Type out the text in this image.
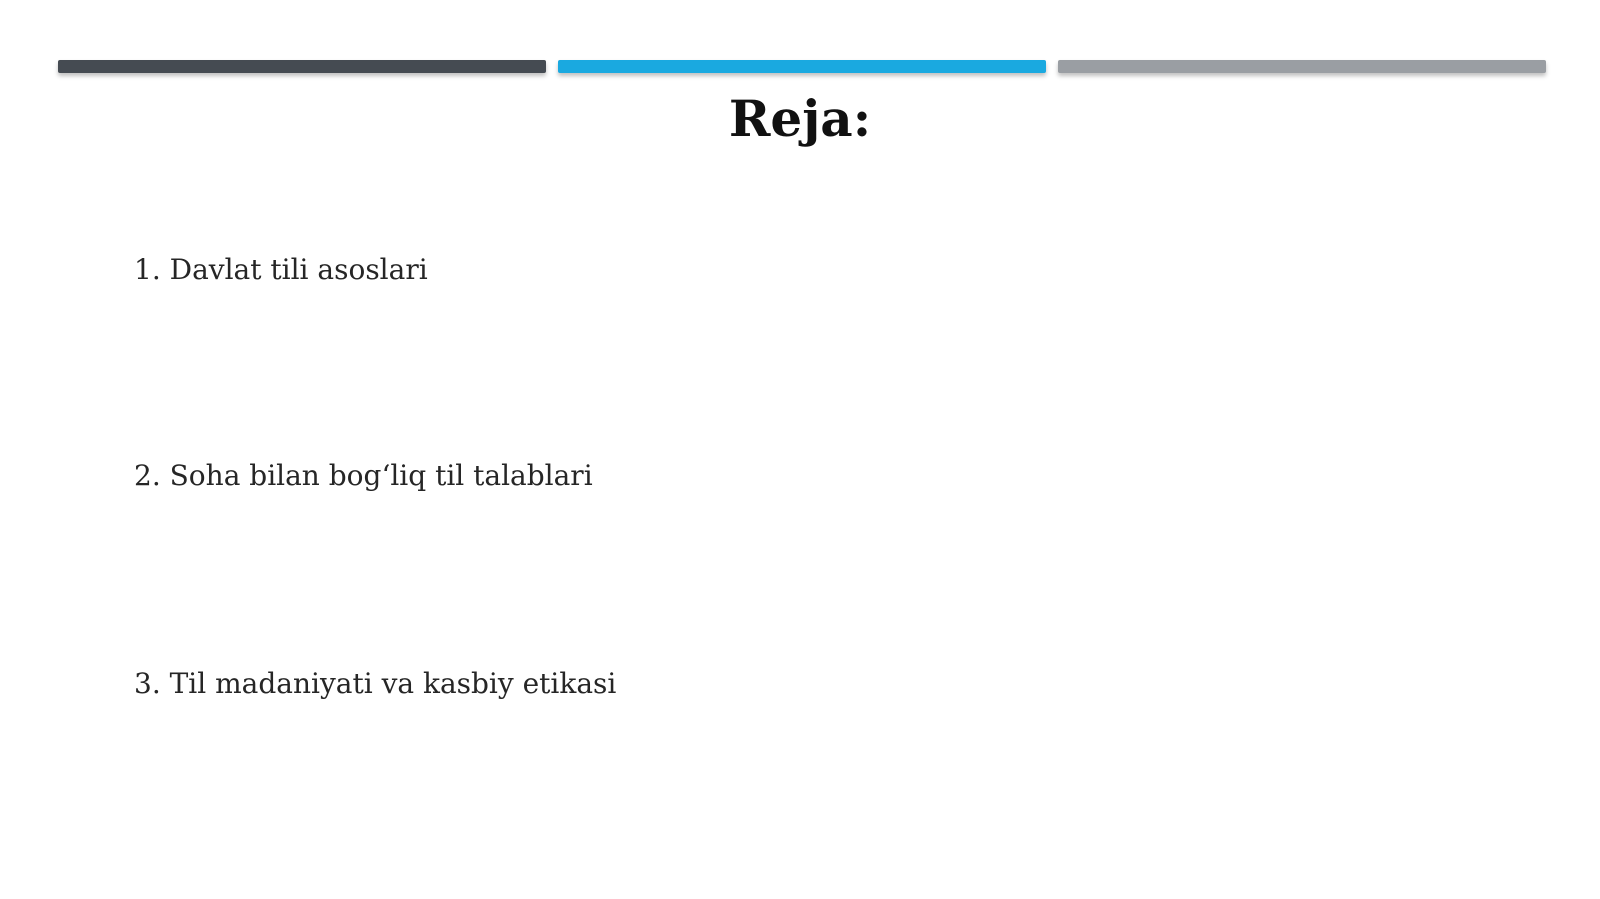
Reja:
1. Davlat tili asoslari
2. Soha bilan bog‘liq til talablari
3. Til madaniyati va kasbiy etikasi
